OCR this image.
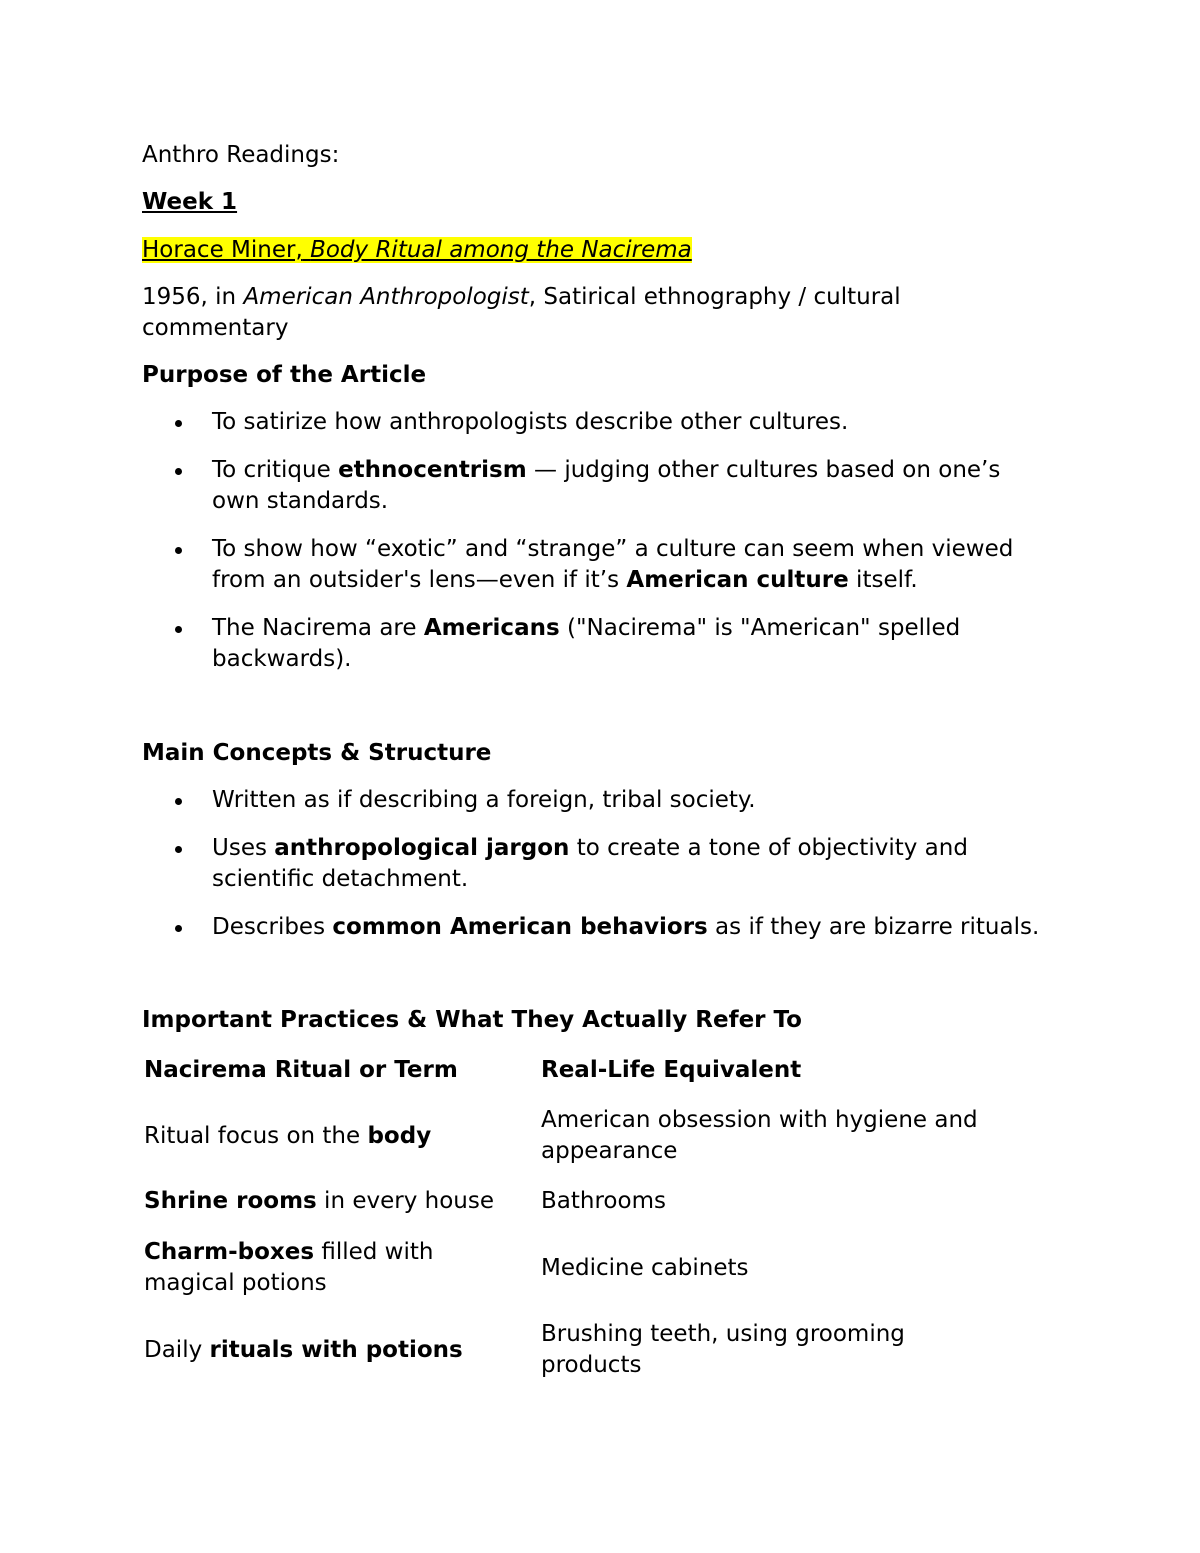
Anthro Readings:

Week 1

Horace Miner, Body Ritual among the Nacirema

1956, in American Anthropologist, Satirical ethnography / cultural
commentary

Purpose of the Article

To satirize how anthropologists describe other cultures.
To critique ethnocentrism — judging other cultures based on one’s
own standards.
To show how “exotic” and “strange” a culture can seem when viewed
from an outsider's lens—even if it’s American culture itself.
The Nacirema are Americans ("Nacirema" is "American" spelled
backwards).

Main Concepts & Structure

Written as if describing a foreign, tribal society.
Uses anthropological jargon to create a tone of objectivity and
scientific detachment.
Describes common American behaviors as if they are bizarre rituals.

Important Practices & What They Actually Refer To

Nacirema Ritual or Term	Real-Life Equivalent
Ritual focus on the body
American obsession with hygiene and
appearance
Shrine rooms in every house Bathrooms
Charm-boxes filled with
magical potions
Medicine cabinets
Daily rituals with potions
Brushing teeth, using grooming
products
